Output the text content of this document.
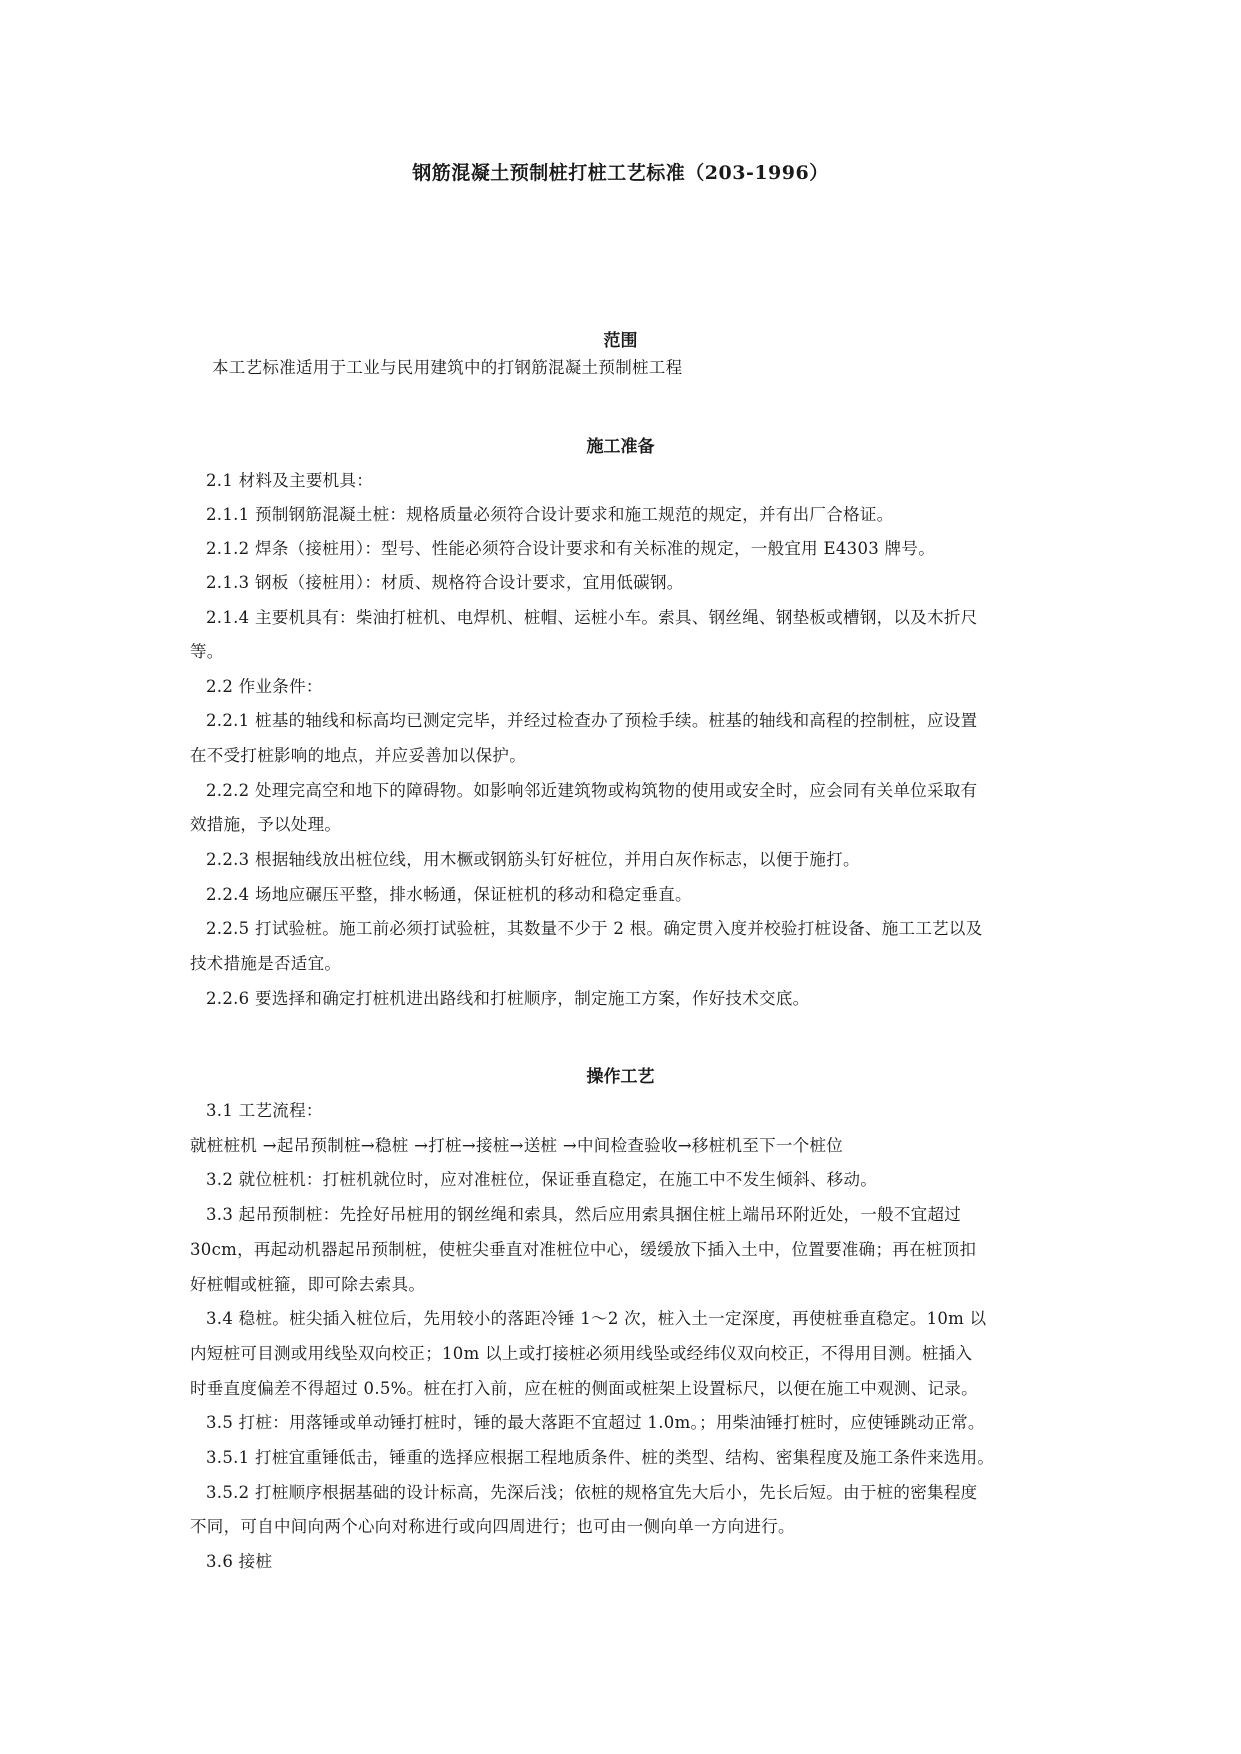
钢筋混凝土预制桩打桩工艺标准（203-1996）
范围
本工艺标准适用于工业与民用建筑中的打钢筋混凝土预制桩工程
施工准备
2.1 材料及主要机具：
2.1.1 预制钢筋混凝土桩：规格质量必须符合设计要求和施工规范的规定，并有出厂合格证。
2.1.2 焊条（接桩用）：型号、性能必须符合设计要求和有关标准的规定，一般宜用 E4303 牌号。
2.1.3 钢板（接桩用）：材质、规格符合设计要求，宜用低碳钢。
2.1.4 主要机具有：柴油打桩机、电焊机、桩帽、运桩小车。索具、钢丝绳、钢垫板或槽钢，以及木折尺
等。
2.2 作业条件：
2.2.1 桩基的轴线和标高均已测定完毕，并经过检查办了预检手续。桩基的轴线和高程的控制桩，应设置
在不受打桩影响的地点，并应妥善加以保护。
2.2.2 处理完高空和地下的障碍物。如影响邻近建筑物或构筑物的使用或安全时，应会同有关单位采取有
效措施，予以处理。
2.2.3 根据轴线放出桩位线，用木橛或钢筋头钉好桩位，并用白灰作标志，以便于施打。
2.2.4 场地应碾压平整，排水畅通，保证桩机的移动和稳定垂直。
2.2.5 打试验桩。施工前必须打试验桩，其数量不少于 2 根。确定贯入度并校验打桩设备、施工工艺以及
技术措施是否适宜。
2.2.6 要选择和确定打桩机进出路线和打桩顺序，制定施工方案，作好技术交底。
操作工艺
3.1 工艺流程：
就桩桩机 →起吊预制桩→稳桩 →打桩→接桩→送桩 →中间检查验收→移桩机至下一个桩位
3.2 就位桩机：打桩机就位时，应对准桩位，保证垂直稳定，在施工中不发生倾斜、移动。
3.3 起吊预制桩：先拴好吊桩用的钢丝绳和索具，然后应用索具捆住桩上端吊环附近处，一般不宜超过
30cm，再起动机器起吊预制桩，使桩尖垂直对准桩位中心，缓缓放下插入土中，位置要准确；再在桩顶扣
好桩帽或桩箍，即可除去索具。
3.4 稳桩。桩尖插入桩位后，先用较小的落距冷锤 1～2 次，桩入土一定深度，再使桩垂直稳定。10m 以
内短桩可目测或用线坠双向校正；10m 以上或打接桩必须用线坠或经纬仪双向校正，不得用目测。桩插入
时垂直度偏差不得超过 0.5%。桩在打入前，应在桩的侧面或桩架上设置标尺，以便在施工中观测、记录。
3.5 打桩：用落锤或单动锤打桩时，锤的最大落距不宜超过 1.0m。；用柴油锤打桩时，应使锤跳动正常。
3.5.1 打桩宜重锤低击，锤重的选择应根据工程地质条件、桩的类型、结构、密集程度及施工条件来选用。
3.5.2 打桩顺序根据基础的设计标高，先深后浅；依桩的规格宜先大后小，先长后短。由于桩的密集程度
不同，可自中间向两个心向对称进行或向四周进行；也可由一侧向单一方向进行。
3.6 接桩
